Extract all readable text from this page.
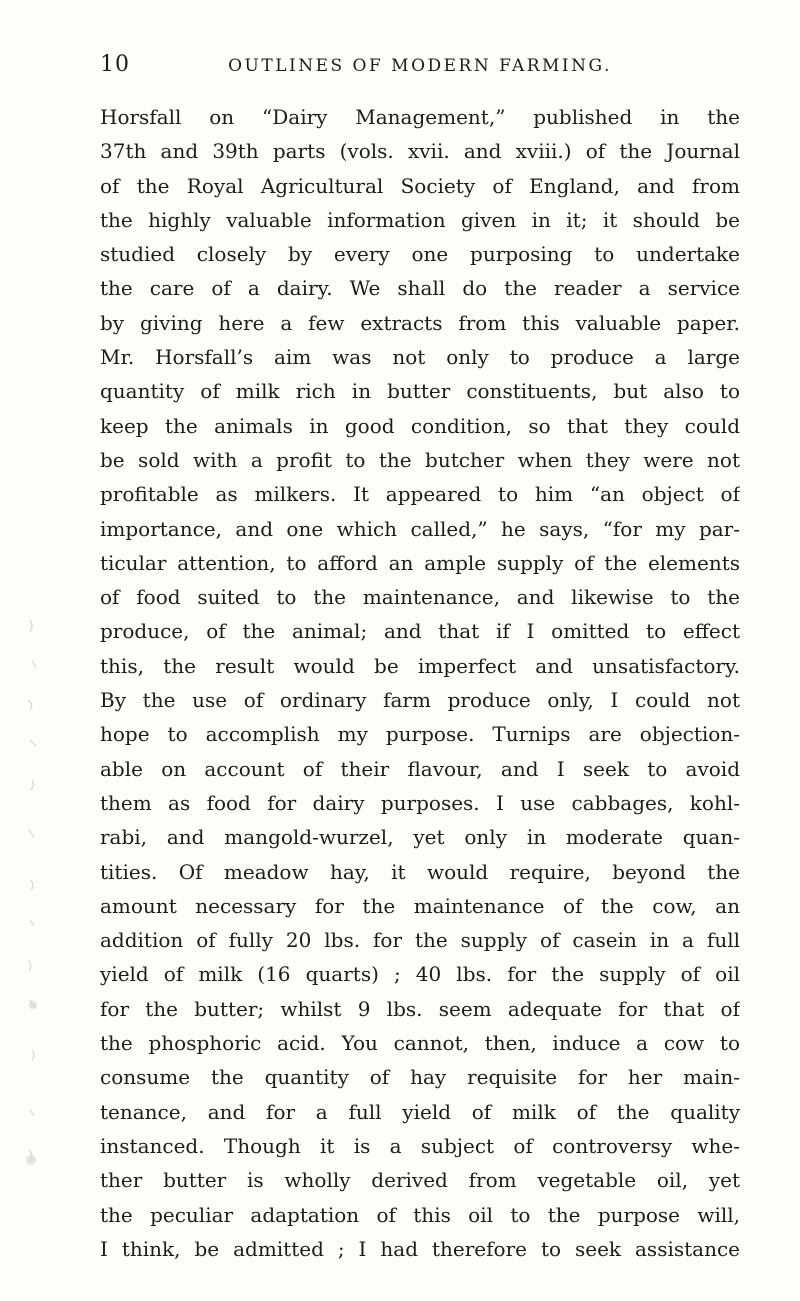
10	OUTLINES OF MODERN FARMING.
Horsfall on “Dairy Management,” published in the
37th and 39th parts (vols. xvii. and xviii.) of the Journal
of the Royal Agricultural Society of England, and from
the highly valuable information given in it; it should be
studied closely by every one purposing to undertake
the care of a dairy. We shall do the reader a service
by giving here a few extracts from this valuable paper.
Mr. Horsfall’s aim was not only to produce a large
quantity of milk rich in butter constituents, but also to
keep the animals in good condition, so that they could
be sold with a profit to the butcher when they were not
profitable as milkers. It appeared to him “an object of
importance, and one which called,” he says, “for my par-
ticular attention, to afford an ample supply of the elements
of food suited to the maintenance, and likewise to the
produce, of the animal; and that if I omitted to effect
this, the result would be imperfect and unsatisfactory.
By the use of ordinary farm produce only, I could not
hope to accomplish my purpose. Turnips are objection-
able on account of their flavour, and I seek to avoid
them as food for dairy purposes. I use cabbages, kohl-
rabi, and mangold-wurzel, yet only in moderate quan-
tities. Of meadow hay, it would require, beyond the
amount necessary for the maintenance of the cow, an
addition of fully 20 lbs. for the supply of casein in a full
yield of milk (16 quarts) ; 40 lbs. for the supply of oil
for the butter; whilst 9 lbs. seem adequate for that of
the phosphoric acid. You cannot, then, induce a cow to
consume the quantity of hay requisite for her main-
tenance, and for a full yield of milk of the quality
instanced. Though it is a subject of controversy whe-
ther butter is wholly derived from vegetable oil, yet
the peculiar adaptation of this oil to the purpose will,
I think, be admitted ; I had therefore to seek assistance
